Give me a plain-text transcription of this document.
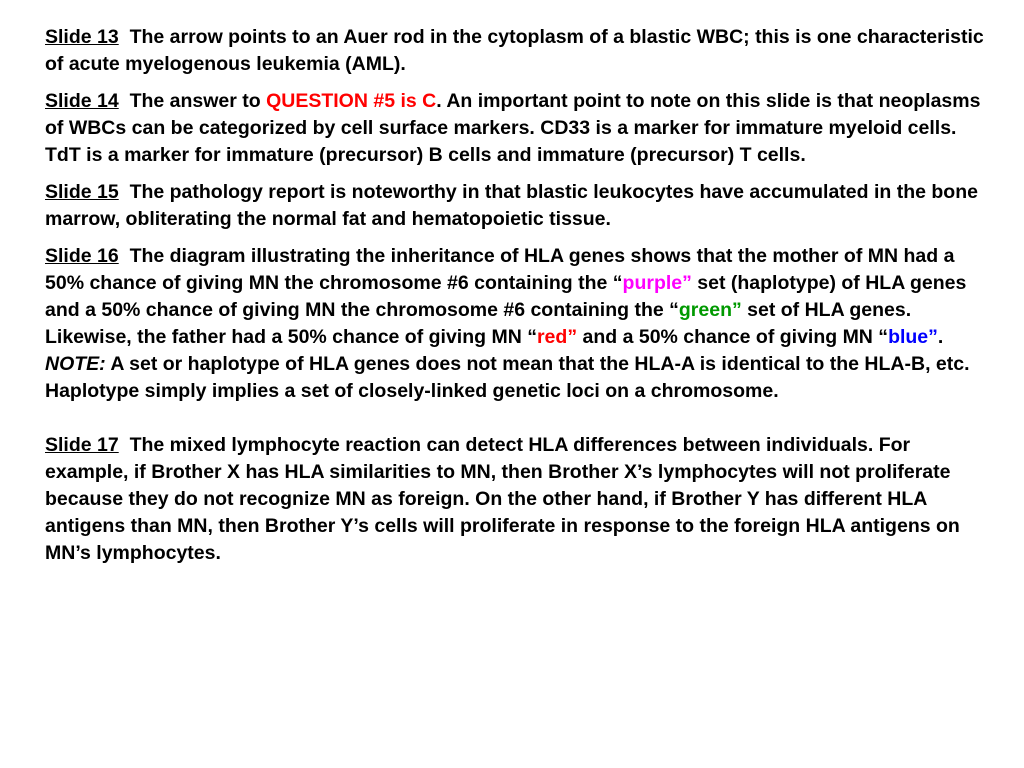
Slide 13 The arrow points to an Auer rod in the cytoplasm of a blastic WBC; this is one characteristic of acute myelogenous leukemia (AML).

Slide 14 The answer to QUESTION #5 is C. An important point to note on this slide is that neoplasms of WBCs can be categorized by cell surface markers. CD33 is a marker for immature myeloid cells. TdT is a marker for immature (precursor) B cells and immature (precursor) T cells.

Slide 15 The pathology report is noteworthy in that blastic leukocytes have accumulated in the bone marrow, obliterating the normal fat and hematopoietic tissue.

Slide 16 The diagram illustrating the inheritance of HLA genes shows that the mother of MN had a 50% chance of giving MN the chromosome #6 containing the “purple” set (haplotype) of HLA genes and a 50% chance of giving MN the chromosome #6 containing the “green” set of HLA genes.
Likewise, the father had a 50% chance of giving MN “red” and a 50% chance of giving MN “blue”. NOTE: A set or haplotype of HLA genes does not mean that the HLA-A is identical to the HLA-B, etc. Haplotype simply implies a set of closely-linked genetic loci on a chromosome.

Slide 17 The mixed lymphocyte reaction can detect HLA differences between individuals. For example, if Brother X has HLA similarities to MN, then Brother X’s lymphocytes will not proliferate because they do not recognize MN as foreign. On the other hand, if Brother Y has different HLA antigens than MN, then Brother Y’s cells will proliferate in response to the foreign HLA antigens on MN’s lymphocytes.
